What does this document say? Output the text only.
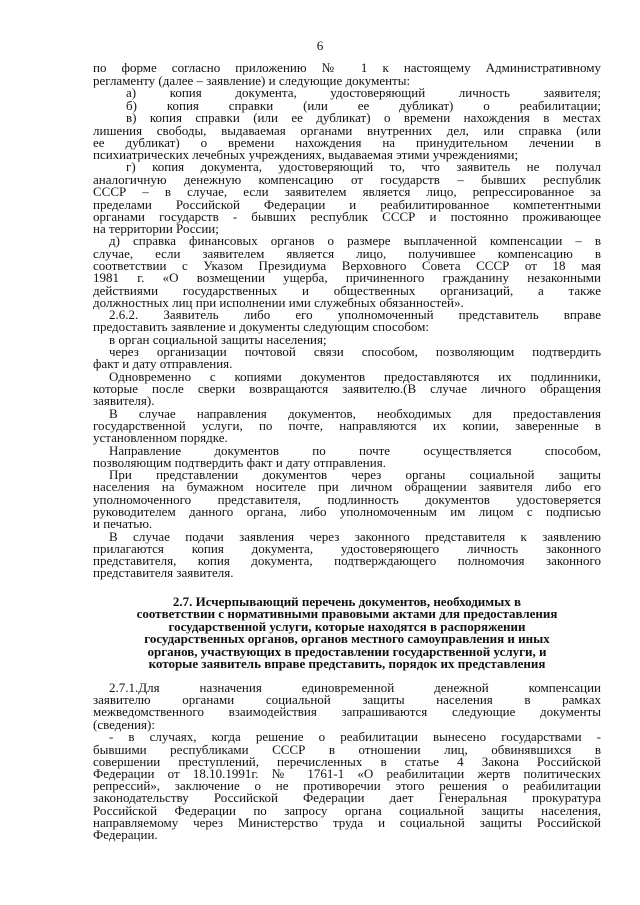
6
по форме согласно приложению № 1 к настоящему Административному
регламенту (далее – заявление) и следующие документы:
а) копия документа, удостоверяющий личность заявителя;
б) копия справки (или ее дубликат) о реабилитации;
в) копия справки (или ее дубликат) о времени нахождения в местах
лишения свободы, выдаваемая органами внутренних дел, или справка (или
ее дубликат) о времени нахождения на принудительном лечении в
психиатрических лечебных учреждениях, выдаваемая этими учреждениями;
г) копия документа, удостоверяющий то, что заявитель не получал
аналогичную денежную компенсацию от государств – бывших республик
СССР – в случае, если заявителем является лицо, репрессированное за
пределами Российской Федерации и реабилитированное компетентными
органами государств - бывших республик СССР и постоянно проживающее
на территории России;
д) справка финансовых органов о размере выплаченной компенсации – в
случае, если заявителем является лицо, получившее компенсацию в
соответствии с Указом Президиума Верховного Совета СССР от 18 мая
1981 г. «О возмещении ущерба, причиненного гражданину незаконными
действиями государственных и общественных организаций, а также
должностных лиц при исполнении ими служебных обязанностей».
2.6.2. Заявитель либо его уполномоченный представитель вправе
предоставить заявление и документы следующим способом:
в орган социальной защиты населения;
через организации почтовой связи способом, позволяющим подтвердить
факт и дату отправления.
Одновременно с копиями документов предоставляются их подлинники,
которые после сверки возвращаются заявителю.(В случае личного обращения
заявителя).
В случае направления документов, необходимых для предоставления
государственной услуги, по почте, направляются их копии, заверенные в
установленном порядке.
Направление документов по почте осуществляется способом,
позволяющим подтвердить факт и дату отправления.
При представлении документов через органы социальной защиты
населения на бумажном носителе при личном обращении заявителя либо его
уполномоченного представителя, подлинность документов удостоверяется
руководителем данного органа, либо уполномоченным им лицом с подписью
и печатью.
В случае подачи заявления через законного представителя к заявлению
прилагаются копия документа, удостоверяющего личность законного
представителя, копия документа, подтверждающего полномочия законного
представителя заявителя.
2.7. Исчерпывающий перечень документов, необходимых в
соответствии с нормативными правовыми актами для предоставления
государственной услуги, которые находятся в распоряжении
государственных органов, органов местного самоуправления и иных
органов, участвующих в предоставлении государственной услуги, и
которые заявитель вправе представить, порядок их представления
2.7.1.Для назначения единовременной денежной компенсации
заявителю органами социальной защиты населения в рамках
межведомственного взаимодействия запрашиваются следующие документы
(сведения):
- в случаях, когда решение о реабилитации вынесено государствами -
бывшими республиками СССР в отношении лиц, обвинявшихся в
совершении преступлений, перечисленных в статье 4 Закона Российской
Федерации от 18.10.1991г. № 1761-1 «О реабилитации жертв политических
репрессий», заключение о не противоречии этого решения о реабилитации
законодательству Российской Федерации дает Генеральная прокуратура
Российской Федерации по запросу органа социальной защиты населения,
направляемому через Министерство труда и социальной защиты Российской
Федерации.
